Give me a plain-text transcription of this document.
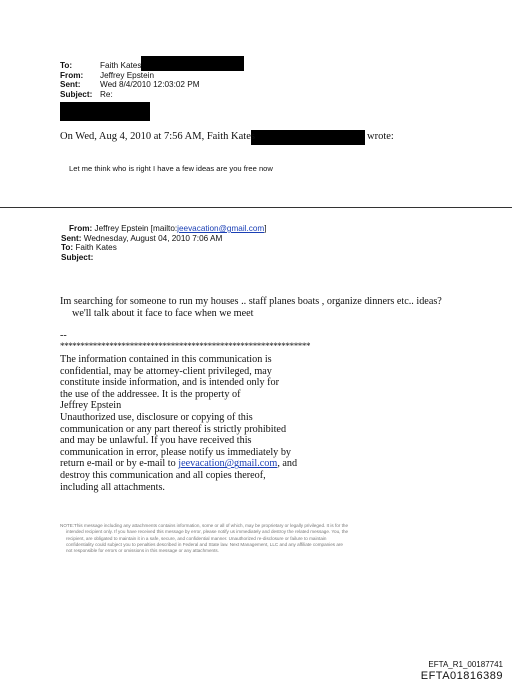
To:	Faith Kates
From:	Jeffrey Epstein
Sent:	Wed 8/4/2010 12:03:02 PM
Subject: Re:
On Wed, Aug 4, 2010 at 7:56 AM, Faith Kates	wrote:
Let me think who is right I have a few ideas are you free now
From: Jeffrey Epstein [mailto:jeevacation@gmail.com]
Sent: Wednesday, August 04, 2010 7:06 AM
To: Faith Kates
Subject:
Im searching for someone to run my houses .. staff planes boats , organize dinners etc.. ideas?
we'll talk about it face to face when we meet
--
*************************************************************
The information contained in this communication is
confidential, may be attorney-client privileged, may
constitute inside information, and is intended only for
the use of the addressee. It is the property of
Jeffrey Epstein
Unauthorized use, disclosure or copying of this
communication or any part thereof is strictly prohibited
and may be unlawful. If you have received this
communication in error, please notify us immediately by
return e-mail or by e-mail to jeevacation@gmail.com, and
destroy this communication and all copies thereof,
including all attachments.
NOTE:This message including any attachments contains information, some or all of which, may be proprietary or legally privileged. It is for the
intended recipient only. If you have received this message by error, please notify us immediately and destroy the related message. You, the
recipient, are obligated to maintain it in a safe, secure, and confidential manner. Unauthorized re-disclosure or failure to maintain
confidentiality could subject you to penalties described in Federal and State law. Next Management, LLC and any affiliate companies are
not responsible for errors or omissions in this message or any attachments.
EFTA_R1_00187741
EFTA01816389
